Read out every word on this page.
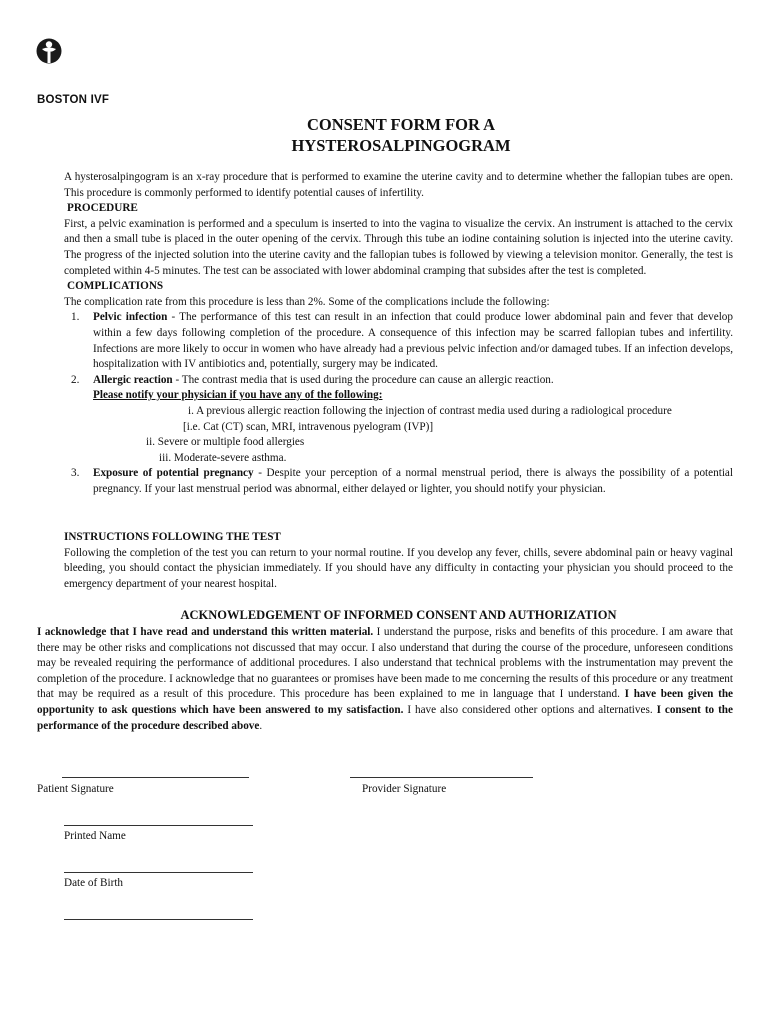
BOSTON IVF
CONSENT FORM FOR A
HYSTEROSALPINGOGRAM
A hysterosalpingogram is an x-ray procedure that is performed to examine the uterine cavity and to determine whether the fallopian tubes are open. This procedure is commonly performed to identify potential causes of infertility.
PROCEDURE
First, a pelvic examination is performed and a speculum is inserted to into the vagina to visualize the cervix. An instrument is attached to the cervix and then a small tube is placed in the outer opening of the cervix. Through this tube an iodine containing solution is injected into the uterine cavity. The progress of the injected solution into the uterine cavity and the fallopian tubes is followed by viewing a television monitor. Generally, the test is completed within 4-5 minutes. The test can be associated with lower abdominal cramping that subsides after the test is completed.
COMPLICATIONS
The complication rate from this procedure is less than 2%. Some of the complications include the following:
1. Pelvic infection - The performance of this test can result in an infection that could produce lower abdominal pain and fever that develop within a few days following completion of the procedure. A consequence of this infection may be scarred fallopian tubes and infertility. Infections are more likely to occur in women who have already had a previous pelvic infection and/or damaged tubes. If an infection develops, hospitalization with IV antibiotics and, potentially, surgery may be indicated.
2. Allergic reaction - The contrast media that is used during the procedure can cause an allergic reaction.
Please notify your physician if you have any of the following:
i. A previous allergic reaction following the injection of contrast media used during a radiological procedure
[i.e. Cat (CT) scan, MRI, intravenous pyelogram (IVP)]
ii. Severe or multiple food allergies
iii. Moderate-severe asthma.
3. Exposure of potential pregnancy - Despite your perception of a normal menstrual period, there is always the possibility of a potential pregnancy. If your last menstrual period was abnormal, either delayed or lighter, you should notify your physician.
INSTRUCTIONS FOLLOWING THE TEST
Following the completion of the test you can return to your normal routine. If you develop any fever, chills, severe abdominal pain or heavy vaginal bleeding, you should contact the physician immediately. If you should have any difficulty in contacting your physician you should proceed to the emergency department of your nearest hospital.
ACKNOWLEDGEMENT OF INFORMED CONSENT AND AUTHORIZATION
I acknowledge that I have read and understand this written material. I understand the purpose, risks and benefits of this procedure. I am aware that there may be other risks and complications not discussed that may occur. I also understand that during the course of the procedure, unforeseen conditions may be revealed requiring the performance of additional procedures. I also understand that technical problems with the instrumentation may prevent the completion of the procedure. I acknowledge that no guarantees or promises have been made to me concerning the results of this procedure or any treatment that may be required as a result of this procedure. This procedure has been explained to me in language that I understand. I have been given the opportunity to ask questions which have been answered to my satisfaction. I have also considered other options and alternatives. I consent to the performance of the procedure described above.
Patient Signature	Provider Signature
Printed Name
Date of Birth
